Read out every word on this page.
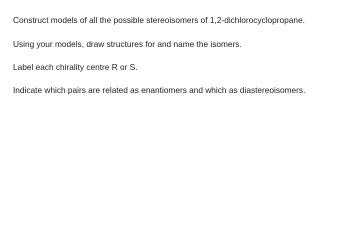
Construct models of all the possible stereoisomers of 1,2-dichlorocyclopropane.

Using your models, draw structures for and name the isomers.

Label each chirality centre R or S.

Indicate which pairs are related as enantiomers and which as diastereoisomers.
